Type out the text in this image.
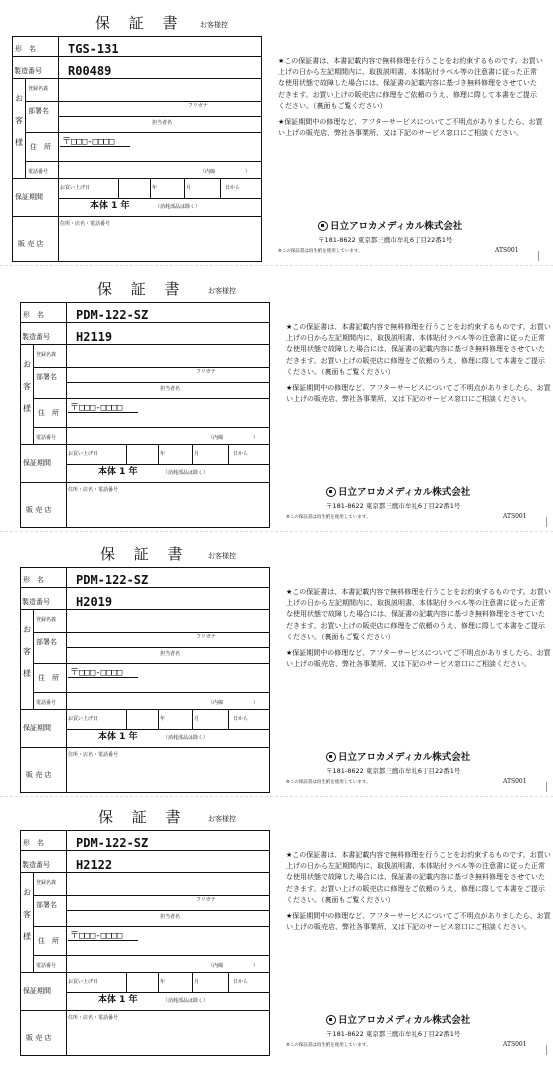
保 証 書 お客様控
形　名	TGS-131
製造番号 R00489
お
客
様
登録名義
部署名
フリガナ
担当者名
住　所 〒□□□-□□□□
電話番号	（内線	）
保証期間
お買い上げ日	年	月	日から
本体 1 年	（消耗部品は除く）
住所・店名・電話番号
販 売 店

★この保証書は、本書記載内容で無料修理を行うことをお約束するものです。お買い上げの日から左記期間内に、取扱説明書、本体貼付ラベル等の注意書に従った正常な使用状態で故障した場合には、保証書の記載内容に基づき無料修理をさせていただきます。お買い上げの販売店に修理をご依頼のうえ、修理に際して本書をご提示ください。（裏面もご覧ください）

★保証期間中の修理など、アフターサービスについてご不明点がありましたら、お買い上げの販売店、弊社各事業所、又は下記のサービス窓口にご相談ください。

日立アロカメディカル株式会社
〒181-8622 東京都三鷹市牟礼6丁目22番1号
※この保証書は再生紙を使用しています。	ATS001
保 証 書	お客様控
形　名	PDM-122-SZ
製造番号 H2119
お
客
様
登録名義
部署名
フリガナ
担当者名
住　所 〒□□□-□□□□
電話番号	（内線	）
保証期間
お買い上げ日	年	月	日から
本体 1 年	（消耗部品は除く）
住所・店名・電話番号
販 売 店

★この保証書は、本書記載内容で無料修理を行うことをお約束するものです。お買い上げの日から左記期間内に、取扱説明書、本体貼付ラベル等の注意書に従った正常な使用状態で故障した場合には、保証書の記載内容に基づき無料修理をさせていただきます。お買い上げの販売店に修理をご依頼のうえ、修理に際して本書をご提示ください。（裏面もご覧ください）

★保証期間中の修理など、アフターサービスについてご不明点がありましたら、お買い上げの販売店、弊社各事業所、又は下記のサービス窓口にご相談ください。

日立アロカメディカル株式会社
〒181-8622 東京都三鷹市牟礼6丁目22番1号
※この保証書は再生紙を使用しています。	ATS001
保 証 書	お客様控
形　名	PDM-122-SZ
製造番号 H2019
お
客
様
登録名義
部署名
フリガナ
担当者名
住　所 〒□□□-□□□□
電話番号	（内線	）
保証期間
お買い上げ日	年	月	日から
本体 1 年	（消耗部品は除く）
住所・店名・電話番号
販 売 店

★この保証書は、本書記載内容で無料修理を行うことをお約束するものです。お買い上げの日から左記期間内に、取扱説明書、本体貼付ラベル等の注意書に従った正常な使用状態で故障した場合には、保証書の記載内容に基づき無料修理をさせていただきます。お買い上げの販売店に修理をご依頼のうえ、修理に際して本書をご提示ください。（裏面もご覧ください）

★保証期間中の修理など、アフターサービスについてご不明点がありましたら、お買い上げの販売店、弊社各事業所、又は下記のサービス窓口にご相談ください。

日立アロカメディカル株式会社
〒181-8622 東京都三鷹市牟礼6丁目22番1号
※この保証書は再生紙を使用しています。	ATS001
保 証 書	お客様控
形　名	PDM-122-SZ
製造番号 H2122
お
客
様
登録名義
部署名
フリガナ
担当者名
住　所 〒□□□-□□□□
電話番号	（内線	）
保証期間
お買い上げ日	年	月	日から
本体 1 年	（消耗部品は除く）
住所・店名・電話番号
販 売 店

★この保証書は、本書記載内容で無料修理を行うことをお約束するものです。お買い上げの日から左記期間内に、取扱説明書、本体貼付ラベル等の注意書に従った正常な使用状態で故障した場合には、保証書の記載内容に基づき無料修理をさせていただきます。お買い上げの販売店に修理をご依頼のうえ、修理に際して本書をご提示ください。（裏面もご覧ください）

★保証期間中の修理など、アフターサービスについてご不明点がありましたら、お買い上げの販売店、弊社各事業所、又は下記のサービス窓口にご相談ください。

日立アロカメディカル株式会社
〒181-8622 東京都三鷹市牟礼6丁目22番1号
※この保証書は再生紙を使用しています。	ATS001
